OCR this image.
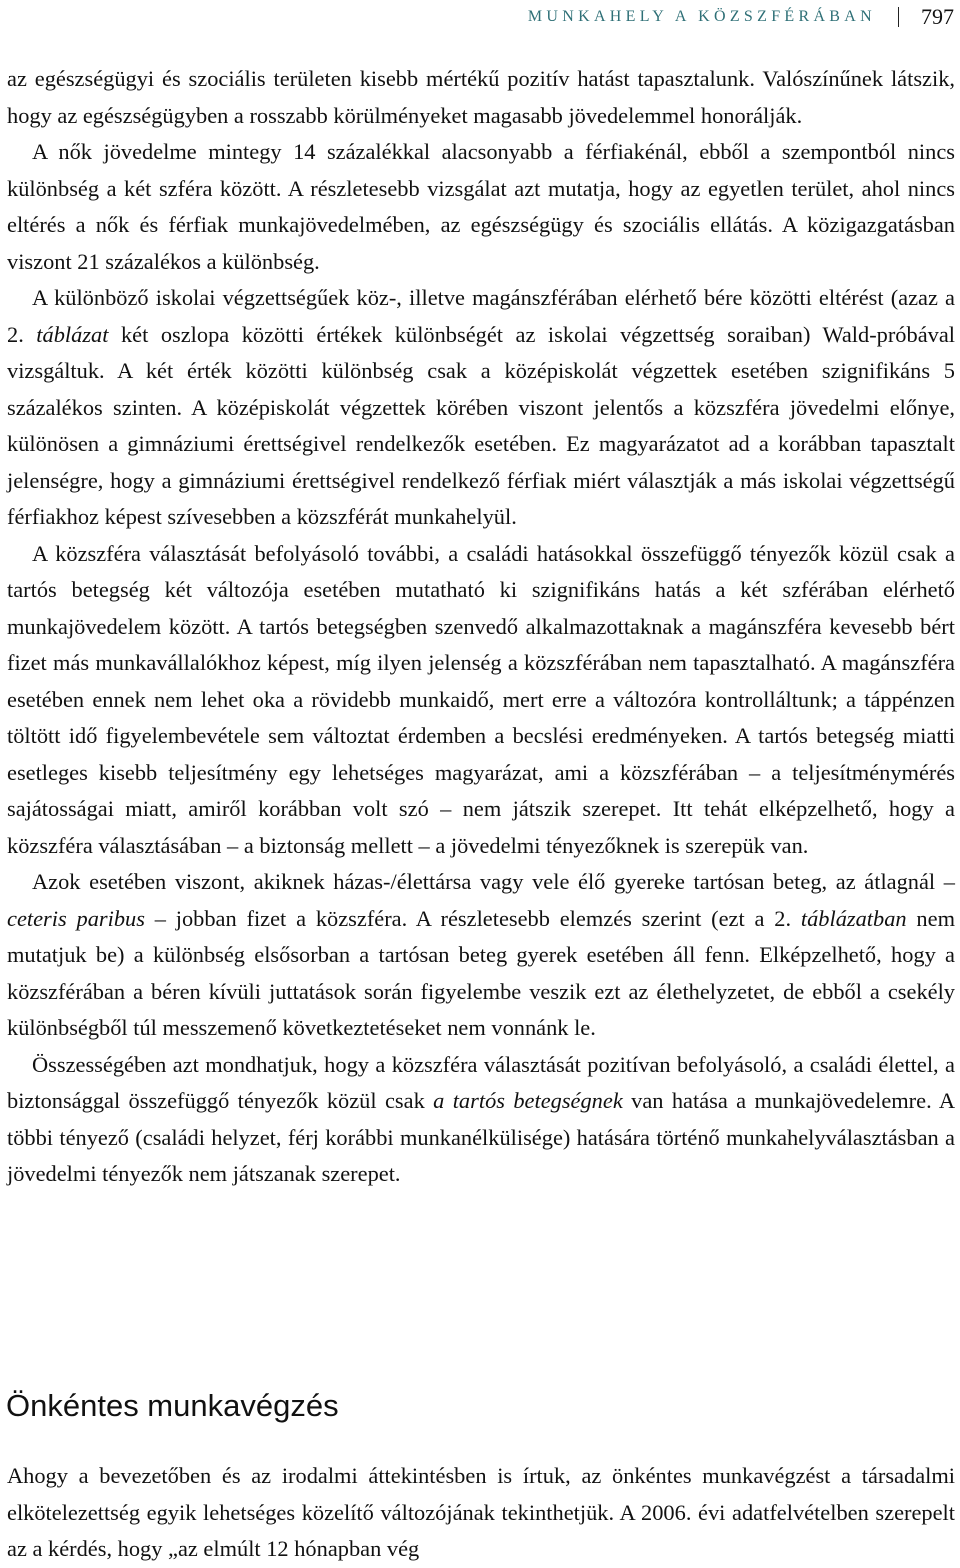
MUNKAHELY A KÖZSZFÉRÁBAN	797

az egészségügyi és szociális területen kisebb mértékű pozitív hatást tapasztalunk. Valószínűnek látszik, hogy az egészségügyben a rosszabb körülményeket magasabb jövedelemmel honorálják.

A nők jövedelme mintegy 14 százalékkal alacsonyabb a férfiakénál, ebből a szempontból nincs különbség a két szféra között. A részletesebb vizsgálat azt mutatja, hogy az egyetlen terület, ahol nincs eltérés a nők és férfiak munkajövedelmében, az egészségügy és szociális ellátás. A közigazgatásban viszont 21 százalékos a különbség.

A különböző iskolai végzettségűek köz-, illetve magánszférában elérhető bére közötti eltérést (azaz a 2. táblázat két oszlopa közötti értékek különbségét az iskolai végzettség soraiban) Wald-próbával vizsgáltuk. A két érték közötti különbség csak a középiskolát végzettek esetében szignifikáns 5 százalékos szinten. A középiskolát végzettek körében viszont jelentős a közszféra jövedelmi előnye, különösen a gimnáziumi érettségivel rendelkezők esetében. Ez magyarázatot ad a korábban tapasztalt jelenségre, hogy a gimnáziumi érettségivel rendelkező férfiak miért választják a más iskolai végzettségű férfiakhoz képest szívesebben a közszférát munkahelyül.

A közszféra választását befolyásoló további, a családi hatásokkal összefüggő tényezők közül csak a tartós betegség két változója esetében mutatható ki szignifikáns hatás a két szférában elérhető munkajövedelem között. A tartós betegségben szenvedő alkalmazottaknak a magánszféra kevesebb bért fizet más munkavállalókhoz képest, míg ilyen jelenség a közszférában nem tapasztalható. A magánszféra esetében ennek nem lehet oka a rövidebb munkaidő, mert erre a változóra kontrolláltunk; a táppénzen töltött idő figyelembevétele sem változtat érdemben a becslési eredményeken. A tartós betegség miatti esetleges kisebb teljesítmény egy lehetséges magyarázat, ami a közszférában – a teljesítménymérés sajátosságai miatt, amiről korábban volt szó – nem játszik szerepet. Itt tehát elképzelhető, hogy a közszféra választásában – a biztonság mellett – a jövedelmi tényezőknek is szerepük van.

Azok esetében viszont, akiknek házas-/élettársa vagy vele élő gyereke tartósan beteg, az átlagnál – ceteris paribus – jobban fizet a közszféra. A részletesebb elemzés szerint (ezt a 2. táblázatban nem mutatjuk be) a különbség elsősorban a tartósan beteg gyerek esetében áll fenn. Elképzelhető, hogy a közszférában a béren kívüli juttatások során figyelembe veszik ezt az élethelyzetet, de ebből a csekély különbségből túl messzemenő következtetéseket nem vonnánk le.

Összességében azt mondhatjuk, hogy a közszféra választását pozitívan befolyásoló, a családi élettel, a biztonsággal összefüggő tényezők közül csak a tartós betegségnek van hatása a munkajövedelemre. A többi tényező (családi helyzet, férj korábbi munkanélkülisége) hatására történő munkahelyválasztásban a jövedelmi tényezők nem játszanak szerepet.

Önkéntes munkavégzés

Ahogy a bevezetőben és az irodalmi áttekintésben is írtuk, az önkéntes munkavégzést a társadalmi elkötelezettség egyik lehetséges közelítő változójának tekinthetjük. A 2006. évi adatfelvételben szerepelt az a kérdés, hogy „az elmúlt 12 hónapban vég
